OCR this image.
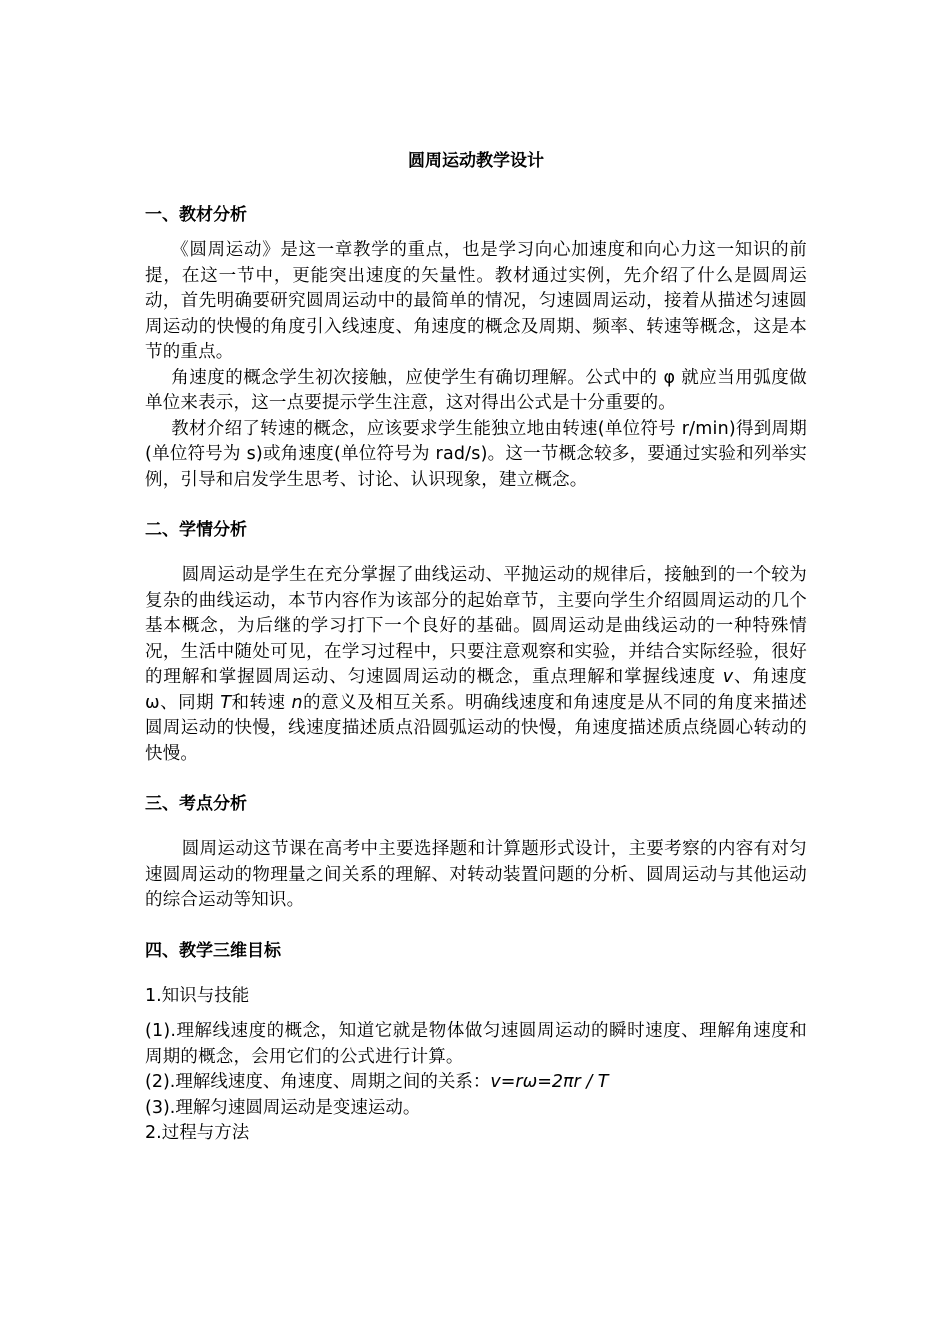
圆周运动教学设计
一、教材分析

《圆周运动》是这一章教学的重点，也是学习向心加速度和向心力这一知识的前提，在这一节中，更能突出速度的矢量性。教材通过实例，先介绍了什么是圆周运动，首先明确要研究圆周运动中的最简单的情况，匀速圆周运动，接着从描述匀速圆周运动的快慢的角度引入线速度、角速度的概念及周期、频率、转速等概念，这是本节的重点。

角速度的概念学生初次接触，应使学生有确切理解。公式中的 φ 就应当用弧度做单位来表示，这一点要提示学生注意，这对得出公式是十分重要的。

教材介绍了转速的概念，应该要求学生能独立地由转速(单位符号 r/min)得到周期(单位符号为 s)或角速度(单位符号为 rad/s)。这一节概念较多，要通过实验和列举实例，引导和启发学生思考、讨论、认识现象，建立概念。

二、学情分析

圆周运动是学生在充分掌握了曲线运动、平抛运动的规律后，接触到的一个较为复杂的曲线运动，本节内容作为该部分的起始章节，主要向学生介绍圆周运动的几个基本概念，为后继的学习打下一个良好的基础。圆周运动是曲线运动的一种特殊情况，生活中随处可见，在学习过程中，只要注意观察和实验，并结合实际经验，很好的理解和掌握圆周运动、匀速圆周运动的概念，重点理解和掌握线速度 v、角速度 ω、同期 T和转速 n的意义及相互关系。明确线速度和角速度是从不同的角度来描述圆周运动的快慢，线速度描述质点沿圆弧运动的快慢，角速度描述质点绕圆心转动的快慢。

三、考点分析

圆周运动这节课在高考中主要选择题和计算题形式设计，主要考察的内容有对匀速圆周运动的物理量之间关系的理解、对转动装置问题的分析、圆周运动与其他运动的综合运动等知识。

四、教学三维目标

1.知识与技能

(1).理解线速度的概念，知道它就是物体做匀速圆周运动的瞬时速度、理解角速度和周期的概念，会用它们的公式进行计算。

(2).理解线速度、角速度、周期之间的关系：v=rω=2πr / T

(3).理解匀速圆周运动是变速运动。

2.过程与方法
